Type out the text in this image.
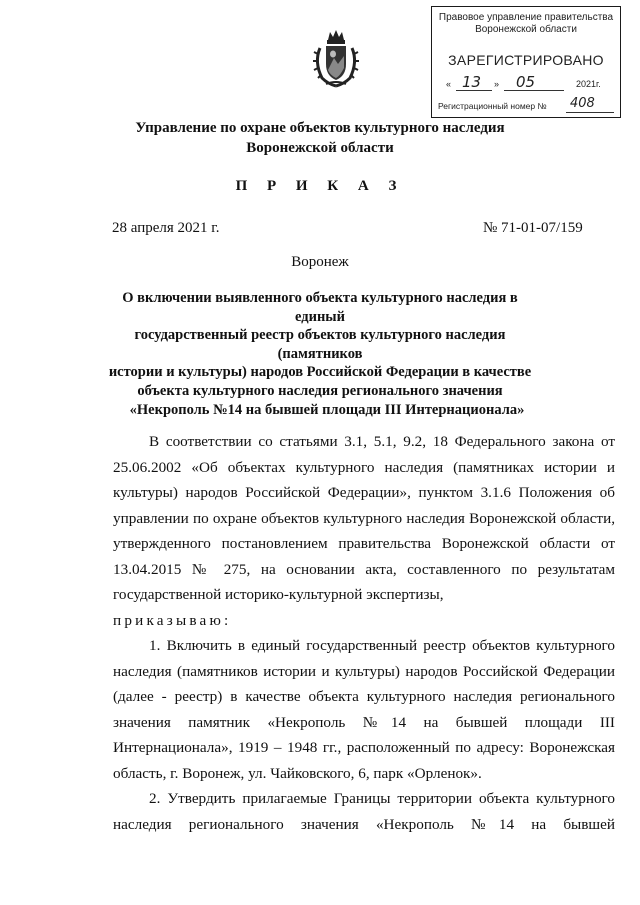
Правовое управление правительства
Воронежской области
ЗАРЕГИСТРИРОВАНО
« 13 » 05	2021г.
Регистрационный номер № 408
Управление по охране объектов культурного наследия
Воронежской области
П Р И К А З
28 апреля 2021 г.	№ 71-01-07/159
Воронеж
О включении выявленного объекта культурного наследия в единый
государственный реестр объектов культурного наследия (памятников
истории и культуры) народов Российской Федерации в качестве
объекта культурного наследия регионального значения
«Некрополь №14 на бывшей площади III Интернационала»

В соответствии со статьями 3.1, 5.1, 9.2, 18 Федерального закона от 25.06.2002 «Об объектах культурного наследия (памятниках истории и культуры) народов Российской Федерации», пунктом 3.1.6 Положения об управлении по охране объектов культурного наследия Воронежской области, утвержденного постановлением правительства Воронежской области от 13.04.2015 № 275, на основании акта, составленного по результатам государственной историко-культурной экспертизы,

приказываю:

1. Включить в единый государственный реестр объектов культурного наследия (памятников истории и культуры) народов Российской Федерации (далее - реестр) в качестве объекта культурного наследия регионального значения памятник «Некрополь №14 на бывшей площади III Интернационала», 1919 – 1948 гг., расположенный по адресу: Воронежская область, г. Воронеж, ул. Чайковского, 6, парк «Орленок».

2. Утвердить прилагаемые Границы территории объекта культурного наследия регионального значения «Некрополь №14 на бывшей
